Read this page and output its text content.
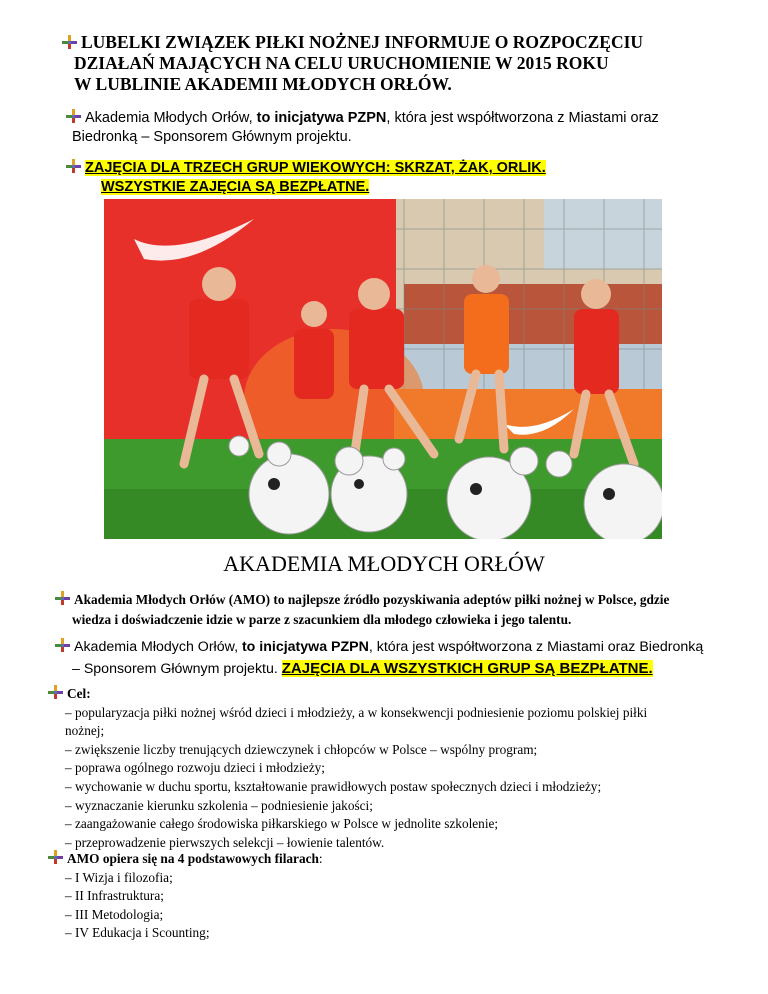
LUBELKI ZWIĄZEK PIŁKI NOŻNEJ INFORMUJE O ROZPOCZĘCIU
DZIAŁAŃ MAJĄCYCH NA CELU URUCHOMIENIE W 2015 ROKU
W LUBLINIE AKADEMII MŁODYCH ORŁÓW.
Akademia Młodych Orłów, to inicjatywa PZPN, która jest współtworzona z Miastami oraz
Biedronką – Sponsorem Głównym projektu.
ZAJĘCIA DLA TRZECH GRUP WIEKOWYCH: SKRZAT, ŻAK, ORLIK.
WSZYSTKIE ZAJĘCIA SĄ BEZPŁATNE.
AKADEMIA MŁODYCH ORŁÓW
Akademia Młodych Orłów (AMO) to najlepsze źródło pozyskiwania adeptów piłki nożnej w Polsce, gdzie
wiedza i doświadczenie idzie w parze z szacunkiem dla młodego człowieka i jego talentu.
Akademia Młodych Orłów, to inicjatywa PZPN, która jest współtworzona z Miastami oraz Biedronką
– Sponsorem Głównym projektu. ZAJĘCIA DLA WSZYSTKICH GRUP SĄ BEZPŁATNE.
Cel:
– popularyzacja piłki nożnej wśród dzieci i młodzieży, a w konsekwencji podniesienie poziomu polskiej piłki
nożnej;
– zwiększenie liczby trenujących dziewczynek i chłopców w Polsce – wspólny program;
– poprawa ogólnego rozwoju dzieci i młodzieży;
– wychowanie w duchu sportu, kształtowanie prawidłowych postaw społecznych dzieci i młodzieży;
– wyznaczanie kierunku szkolenia – podniesienie jakości;
– zaangażowanie całego środowiska piłkarskiego w Polsce w jednolite szkolenie;
– przeprowadzenie pierwszych selekcji – łowienie talentów.
AMO opiera się na 4 podstawowych filarach:
– I Wizja i filozofia;
– II Infrastruktura;
– III Metodologia;
– IV Edukacja i Scounting;
